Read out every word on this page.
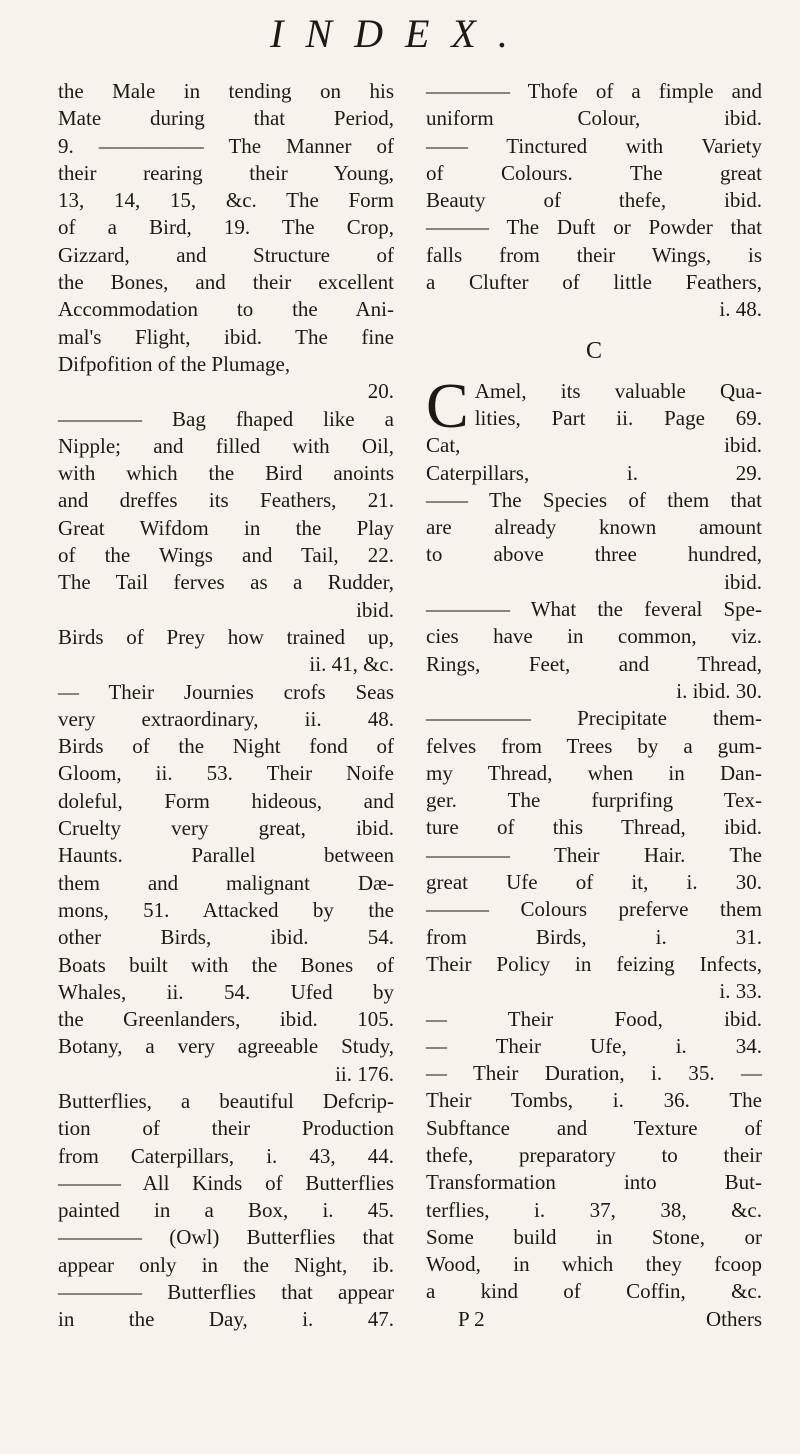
INDEX.
the Male in tending on his
Mate during that Period,
9. ————— The Manner of
their rearing their Young,
13, 14, 15, &c. The Form
of a Bird, 19. The Crop,
Gizzard, and Structure of
the Bones, and their excellent
Accommodation to the Ani-
mal's Flight, ibid. The fine
Difpofition of the Plumage,
20.
———— Bag fhaped like a
Nipple; and filled with Oil,
with which the Bird anoints
and dreffes its Feathers, 21.
Great Wifdom in the Play
of the Wings and Tail, 22.
The Tail ferves as a Rudder,
ibid.
Birds of Prey how trained up,
ii. 41, &c.
— Their Journies crofs Seas
very extraordinary, ii. 48.
Birds of the Night fond of
Gloom, ii. 53. Their Noife
doleful, Form hideous, and
Cruelty very great, ibid.
Haunts. Parallel between
them and malignant Dæ-
mons, 51. Attacked by the
other Birds, ibid. 54.
Boats built with the Bones of
Whales, ii. 54. Ufed by
the Greenlanders, ibid. 105.
Botany, a very agreeable Study,
ii. 176.
Butterflies, a beautiful Defcrip-
tion of their Production
from Caterpillars, i. 43, 44.
——— All Kinds of Butterflies
painted in a Box, i. 45.
———— (Owl) Butterflies that
appear only in the Night, ib.
———— Butterflies that appear
in the Day, i. 47.
———— Thofe of a fimple and
uniform Colour, ibid.
—— Tinctured with Variety
of Colours. The great
Beauty of thefe, ibid.
——— The Duft or Powder that
falls from their Wings, is
a Clufter of little Feathers,
i. 48.
C
C Amel, its valuable Qua-
lities, Part ii. Page 69.
Cat, ibid.
Caterpillars, i. 29.
—— The Species of them that
are already known amount
to above three hundred,
ibid.
———— What the feveral Spe-
cies have in common, viz.
Rings, Feet, and Thread,
i. ibid. 30.
————— Precipitate them-
felves from Trees by a gum-
my Thread, when in Dan-
ger. The furprifing Tex-
ture of this Thread, ibid.
———— Their Hair. The
great Ufe of it, i. 30.
——— Colours preferve them
from Birds, i. 31.
Their Policy in feizing Infects,
i. 33.
— Their Food, ibid.
— Their Ufe, i. 34.
— Their Duration, i. 35. —
Their Tombs, i. 36. The
Subftance and Texture of
thefe, preparatory to their
Transformation into But-
terflies, i. 37, 38, &c.
Some build in Stone, or
Wood, in which they fcoop
a kind of Coffin, &c.
P 2	Others
